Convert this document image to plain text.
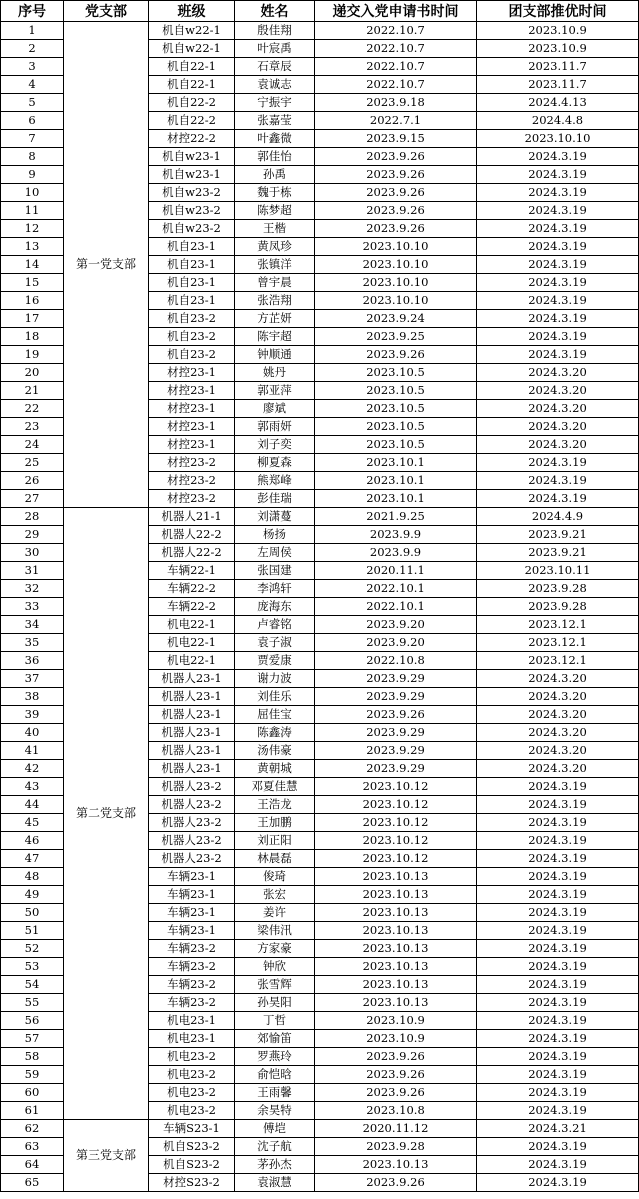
序号	党支部	班级	姓名	递交入党申请书时间	团支部推优时间
1	第一党支部	机自w22-1	殷佳翔	2022.10.7	2023.10.9
2		机自w22-1	叶宸禹	2022.10.7	2023.10.9
3		机自22-1	石章辰	2022.10.7	2023.11.7
4		机自22-1	袁诚志	2022.10.7	2023.11.7
5		机自22-2	宁振宇	2023.9.18	2024.4.13
6		机自22-2	张嘉莹	2022.7.1	2024.4.8
7		材控22-2	叶鑫微	2023.9.15	2023.10.10
8		机自w23-1	郭佳怡	2023.9.26	2024.3.19
9		机自w23-1	孙禹	2023.9.26	2024.3.19
10		机自w23-2	魏于栋	2023.9.26	2024.3.19
11		机自w23-2	陈梦超	2023.9.26	2024.3.19
12		机自w23-2	王楷	2023.9.26	2024.3.19
13		机自23-1	黄凤珍	2023.10.10	2024.3.19
14		机自23-1	张镇洋	2023.10.10	2024.3.19
15		机自23-1	曾宇晨	2023.10.10	2024.3.19
16		机自23-1	张浩翔	2023.10.10	2024.3.19
17		机自23-2	方芷妍	2023.9.24	2024.3.19
18		机自23-2	陈宇超	2023.9.25	2024.3.19
19		机自23-2	钟顺通	2023.9.26	2024.3.19
20		材控23-1	姚丹	2023.10.5	2024.3.20
21		材控23-1	郭亚萍	2023.10.5	2024.3.20
22		材控23-1	廖斌	2023.10.5	2024.3.20
23		材控23-1	郭雨妍	2023.10.5	2024.3.20
24		材控23-1	刘子奕	2023.10.5	2024.3.20
25		材控23-2	柳夏森	2023.10.1	2024.3.19
26		材控23-2	熊郑峰	2023.10.1	2024.3.19
27		材控23-2	彭佳瑞	2023.10.1	2024.3.19
28	第二党支部	机器人21-1	刘潇蔓	2021.9.25	2024.4.9
29		机器人22-2	杨扬	2023.9.9	2023.9.21
30		机器人22-2	左周侯	2023.9.9	2023.9.21
31		车辆22-1	张国建	2020.11.1	2023.10.11
32		车辆22-2	李鸿轩	2022.10.1	2023.9.28
33		车辆22-2	庞海东	2022.10.1	2023.9.28
34		机电22-1	卢睿铭	2023.9.20	2023.12.1
35		机电22-1	袁子淑	2023.9.20	2023.12.1
36		机电22-1	贾爱康	2022.10.8	2023.12.1
37		机器人23-1	谢力波	2023.9.29	2024.3.20
38		机器人23-1	刘佳乐	2023.9.29	2024.3.20
39		机器人23-1	屈佳宝	2023.9.26	2024.3.20
40		机器人23-1	陈鑫涛	2023.9.29	2024.3.20
41		机器人23-1	汤伟豪	2023.9.29	2024.3.20
42		机器人23-1	黄朝城	2023.9.29	2024.3.20
43		机器人23-2	邓夏佳慧	2023.10.12	2024.3.19
44		机器人23-2	王浩龙	2023.10.12	2024.3.19
45		机器人23-2	王加鹏	2023.10.12	2024.3.19
46		机器人23-2	刘正阳	2023.10.12	2024.3.19
47		机器人23-2	林晨磊	2023.10.12	2024.3.19
48		车辆23-1	俊琦	2023.10.13	2024.3.19
49		车辆23-1	张宏	2023.10.13	2024.3.19
50		车辆23-1	姜许	2023.10.13	2024.3.19
51		车辆23-1	梁伟汛	2023.10.13	2024.3.19
52		车辆23-2	方家豪	2023.10.13	2024.3.19
53		车辆23-2	钟欣	2023.10.13	2024.3.19
54		车辆23-2	张雪辉	2023.10.13	2024.3.19
55		车辆23-2	孙昊阳	2023.10.13	2024.3.19
56		机电23-1	丁哲	2023.10.9	2024.3.19
57		机电23-1	郊愉笛	2023.10.9	2024.3.19
58		机电23-2	罗燕玲	2023.9.26	2024.3.19
59		机电23-2	俞恺晗	2023.9.26	2024.3.19
60		机电23-2	王雨馨	2023.9.26	2024.3.19
61		机电23-2	余昊特	2023.10.8	2024.3.19
62	第三党支部	车辆S23-1	傅垲	2020.11.12	2024.3.21
63		机自S23-2	沈子航	2023.9.28	2024.3.19
64		机自S23-2	茅孙杰	2023.10.13	2024.3.19
65		材控S23-2	袁淑慧	2023.9.26	2024.3.19
